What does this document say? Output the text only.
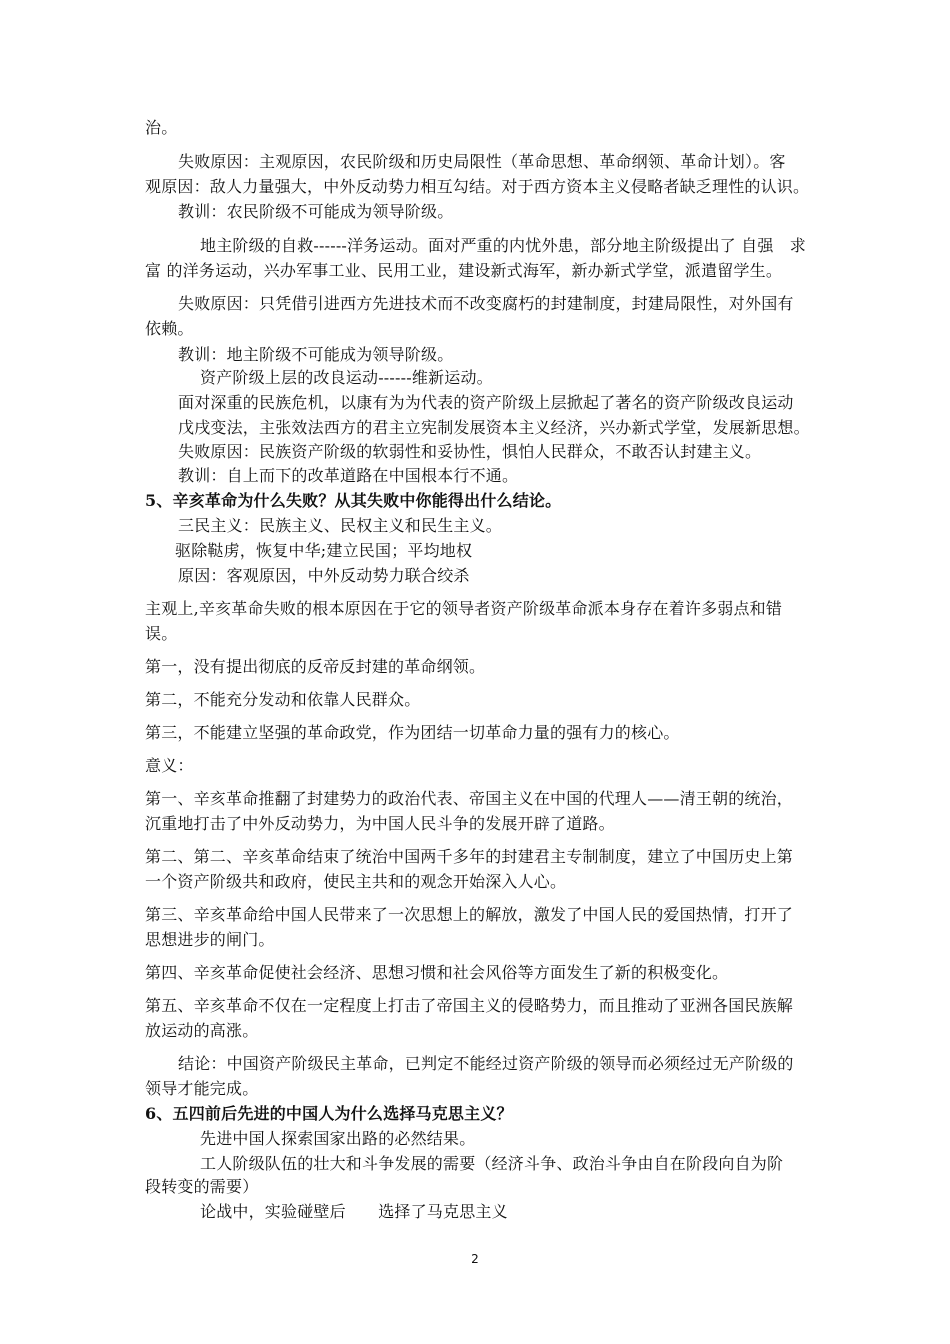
治。
失败原因：主观原因，农民阶级和历史局限性（革命思想、革命纲领、革命计划）。客
观原因：敌人力量强大，中外反动势力相互勾结。对于西方资本主义侵略者缺乏理性的认识。
教训：农民阶级不可能成为领导阶级。
地主阶级的自救------洋务运动。面对严重的内忧外患，部分地主阶级提出了 自强　求
富 的洋务运动，兴办军事工业、民用工业，建设新式海军，新办新式学堂，派遣留学生。
失败原因：只凭借引进西方先进技术而不改变腐朽的封建制度，封建局限性，对外国有
依赖。
教训：地主阶级不可能成为领导阶级。
资产阶级上层的改良运动------维新运动。
面对深重的民族危机，以康有为为代表的资产阶级上层掀起了著名的资产阶级改良运动
戊戌变法，主张效法西方的君主立宪制发展资本主义经济，兴办新式学堂，发展新思想。
失败原因：民族资产阶级的软弱性和妥协性，惧怕人民群众，不敢否认封建主义。
教训：自上而下的改革道路在中国根本行不通。
5、辛亥革命为什么失败？从其失败中你能得出什么结论。
三民主义：民族主义、民权主义和民生主义。
驱除鞑虏，恢复中华;建立民国；平均地权
原因：客观原因，中外反动势力联合绞杀
主观上,辛亥革命失败的根本原因在于它的领导者资产阶级革命派本身存在着许多弱点和错
误。
第一，没有提出彻底的反帝反封建的革命纲领。
第二，不能充分发动和依靠人民群众。
第三，不能建立坚强的革命政党，作为团结一切革命力量的强有力的核心。
意义：
第一、辛亥革命推翻了封建势力的政治代表、帝国主义在中国的代理人——清王朝的统治，
沉重地打击了中外反动势力，为中国人民斗争的发展开辟了道路。
第二、第二、辛亥革命结束了统治中国两千多年的封建君主专制制度，建立了中国历史上第
一个资产阶级共和政府，使民主共和的观念开始深入人心。
第三、辛亥革命给中国人民带来了一次思想上的解放，激发了中国人民的爱国热情，打开了
思想进步的闸门。
第四、辛亥革命促使社会经济、思想习惯和社会风俗等方面发生了新的积极变化。
第五、辛亥革命不仅在一定程度上打击了帝国主义的侵略势力，而且推动了亚洲各国民族解
放运动的高涨。
结论：中国资产阶级民主革命，已判定不能经过资产阶级的领导而必须经过无产阶级的
领导才能完成。
6、五四前后先进的中国人为什么选择马克思主义？
先进中国人探索国家出路的必然结果。
工人阶级队伍的壮大和斗争发展的需要（经济斗争、政治斗争由自在阶段向自为阶
段转变的需要）
论战中，实验碰壁后　　选择了马克思主义
2
